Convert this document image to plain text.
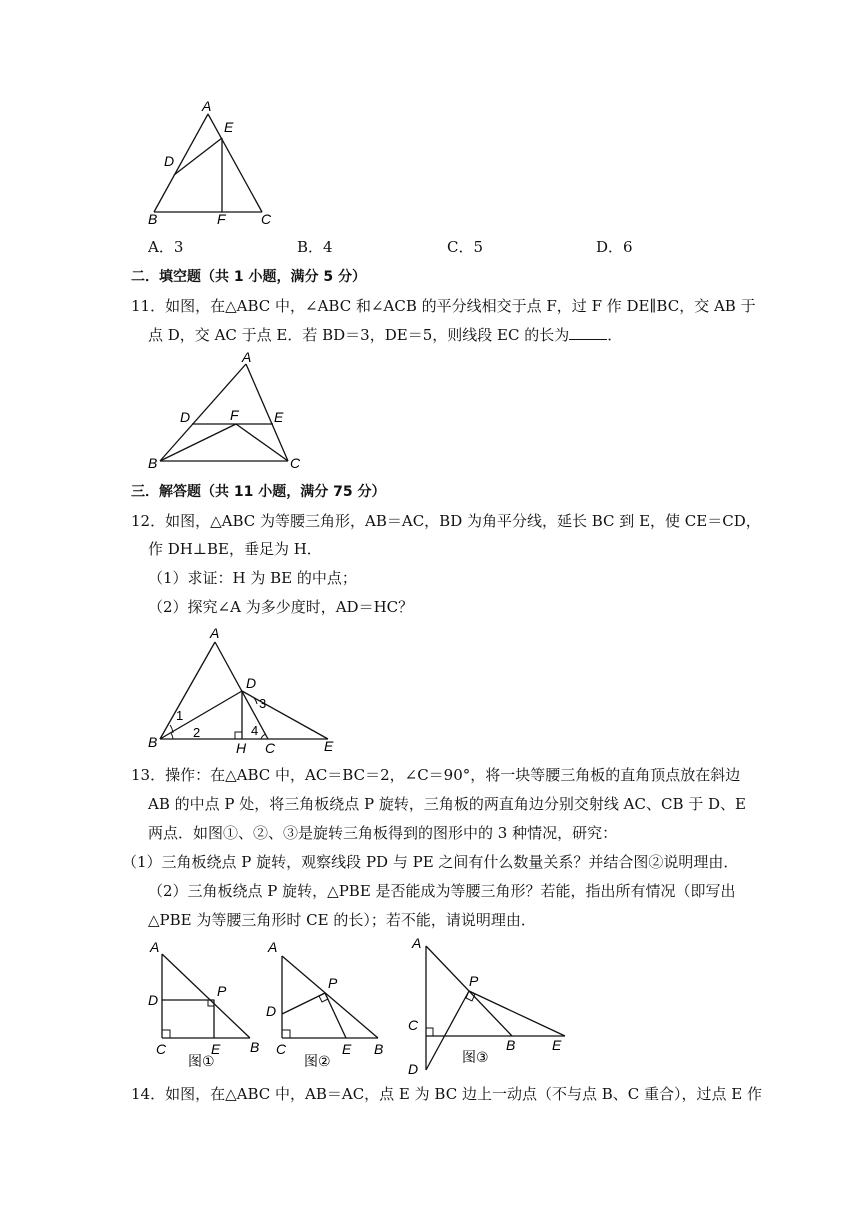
A
E
D
B	F	C
A．3	B．4	C．5	D．6
二．填空题（共 1 小题，满分 5 分）
11．如图，在△ABC 中，∠ABC 和∠ACB 的平分线相交于点 F，过 F 作 DE∥BC，交 AB 于
点 D，交 AC 于点 E．若 BD＝3，DE＝5，则线段 EC 的长为	．
A
D	F	E
B	C
三．解答题（共 11 小题，满分 75 分）
12．如图，△ABC 为等腰三角形，AB＝AC，BD 为角平分线，延长 BC 到 E，使 CE＝CD，
作 DH⊥BE，垂足为 H．
（1）求证：H 为 BE 的中点；
（2）探究∠A 为多少度时，AD＝HC？
A
D
B	H C	E
1
2
3
4
13．操作：在△ABC 中，AC＝BC＝2，∠C＝90°，将一块等腰三角板的直角顶点放在斜边
AB 的中点 P 处，将三角板绕点 P 旋转，三角板的两直角边分别交射线 AC、CB 于 D、E
两点．如图①、②、③是旋转三角板得到的图形中的 3 种情况，研究：
（1）三角板绕点 P 旋转，观察线段 PD 与 PE 之间有什么数量关系？并结合图②说明理由．
（2）三角板绕点 P 旋转，△PBE 是否能成为等腰三角形？若能，指出所有情况（即写出
△PBE 为等腰三角形时 CE 的长）；若不能，请说明理由．
A
D
P
C	E B
图①
A
P
D
C	E B
图②
A
P
C
B	E
D
图③
14．如图，在△ABC 中，AB＝AC，点 E 为 BC 边上一动点（不与点 B、C 重合），过点 E 作
